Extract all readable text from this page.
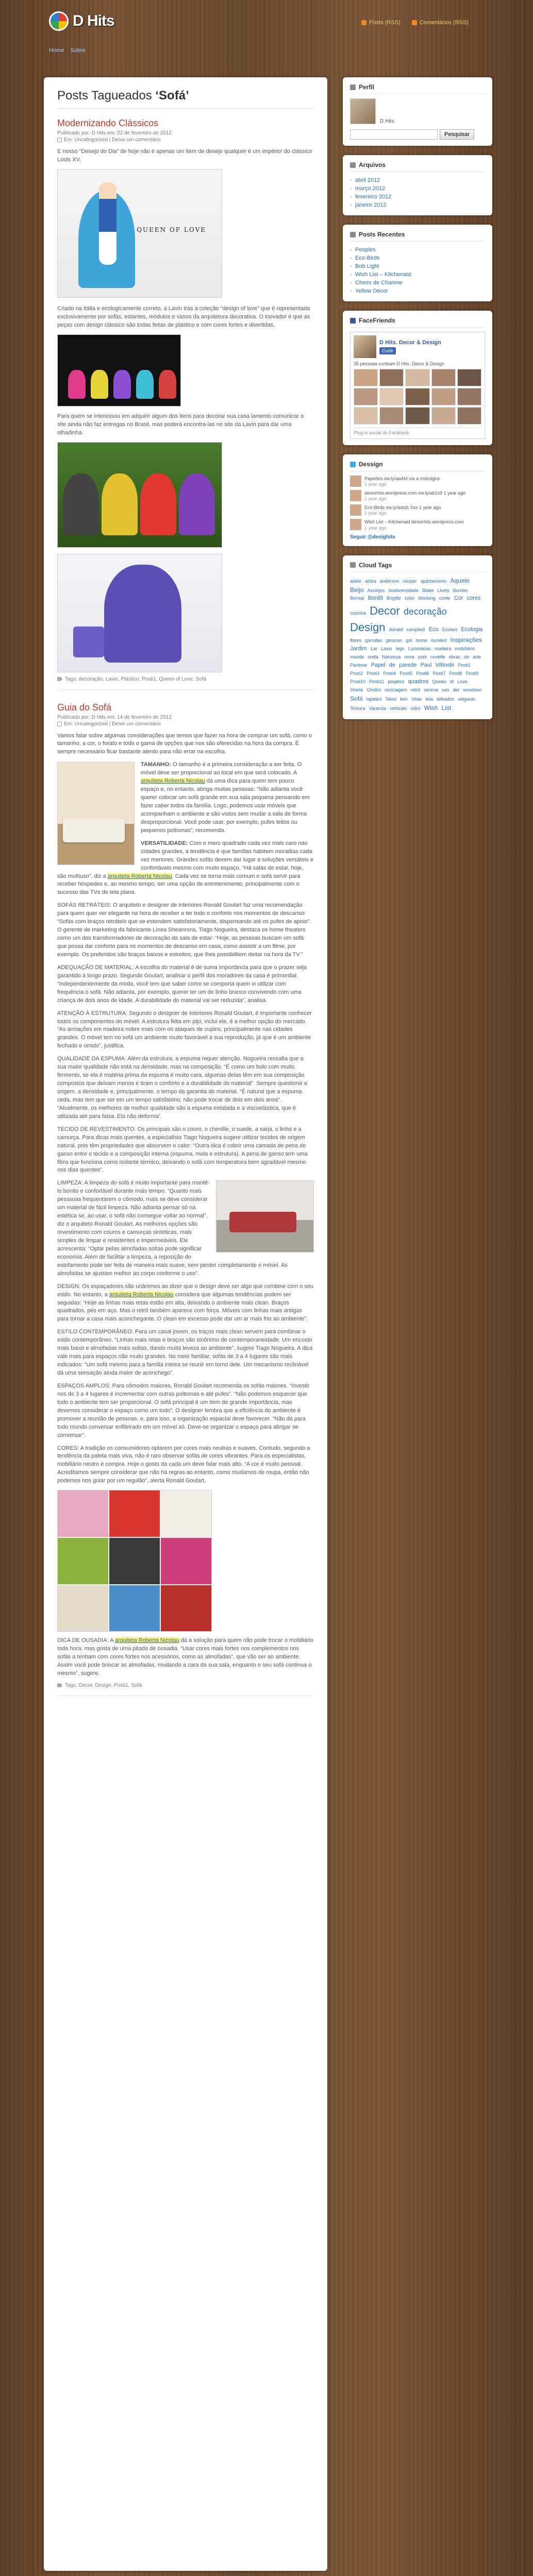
D Hits	Posts (RSS)	Comentários (RSS)
Home Sobre
Posts Tagueados ‘Sofá’
Modernizando Clássicos
Publicado por: D Hits em: 22 de fevereiro de 2012
Em: Uncategorized | Deixe um comentário

E nosso “Desejo do Dia” de hoje não é apenas um item de desejo qualquer é um império! do clássico Louis XV.

QUEEN OF LOVE

Criado na Itália e ecologicamente correto, a Lavin trás a coleção “design of love” que é representada exclusivamente por sofás, estantes, módulos e vasos da arquitetura decorativa. O inovador é que as peças com design clássico são todas feitas de plástico e com cores fortes e divertidas.

Para quem se interessou em adquirir algum dos itens para decorar sua casa lamento comunicar o site ainda não faz entregas no Brasil, mas poderá encontra-las no site da Lavin para dar uma olhadinha.

Tags: decoração, Lavin, Plástico, Posti1, Queen of Love, Sofá
Guia do Sofá
Publicado por: D Hits em: 14 de fevereiro de 2012
Em: Uncategorized | Deixe um comentário

Vamos falar sobre algumas considerações que temos que fazer na hora de comprar um sofá, como o tamanho, a cor, o forato e todo o gama de opções que nos são oferecidas na hora da compra. É sempre necessário ficar bastante atento para não errar na escolha.

TAMANHO: O tamanho é a primeira consideração a ser feita. O móvel deve ser proporcional ao local em que será colocado. A arquiteta Roberta Nicolau dá uma dica para quem tem pouco espaço e, no entanto, abriga muitas pessoas: “Não adianta você querer colocar um sofá grande em sua sala pequena pensando em fazer caber todos da família. Logo, podemos usar móveis que acompanham o ambiente e são vistos sem mudar a sala de forma desproporcional. Você pode usar, por exemplo, pufes leitos ou pequenos poltronas”, recomenda.

VERSATILIDADE: Com o mero quadrado cada vez mais caro nas cidades grandes, a tendência é que famílias habitem moradias cada vez menores. Grandes sofás devem dar lugar a soluções versáteis e confortáveis mesmo com muito espaço. “Há salas de estar, hoje, são multiuso”, diz a arquiteta Roberta Nicolau. Cada vez se torna mais comum o sofá servir para receber hóspedes e, ao mesmo tempo, ser uma opção de entretenimento, principalmente com o sucesso das TVs de tela plana.

SOFÁS RETRÁTEIS: O arquiteto e designer de interiores Ronald Goulart faz uma recomendação para quem quer ver elegante na hora de receber e ter todo o conforto nos momentos de descanso: “Sofás com braços retráteis que se estendem satisfatoriamente, dispensando até os pufes de apoio”. O gerente de marketing da fabricante Linea Sheanrons, Tiago Nogueira, destaca os home theaters como um dos transformadores de decoração da sala de estar: “Hoje, as pessoas buscam um sofá que possa dar conforto para os momentos de descanso em casa, como assistir a um filme, por exemplo. Os preferidos são braços baixos e estreitos, que lhes possibilitem deitar na hora da TV.”

ADEQUAÇÃO DE MATERIAL: A escolha do material é de suma importância para que o prazer seja garantido à longo prazo. Segundo Goulart, analisar o perfil dos moradores da casa é primordial. “Independentemente da moda, você tem que saber como se comporta quem vi utilizar com frequência o sofá. Não adianta, por exemplo, querer ter um de linho branco convivendo com uma criança de dois anos de idade. A durabilidade do material vai ser reduzida”, analisa.

ATENÇÃO À ESTRUTURA: Segundo o designer de interiores Ronald Goulart, é importante conhecer todos os componentes do móvel. A estrutura feita em pijo, inclui ele, é a melhor opção do mercado. “As armações em madeira nobre mais com os ataques de cupins, principalmente nas cidades grandes. O móvel tem no sofá um ambiente muito favorável à sua reprodução, já que é um ambiente fechado e úmido”, justifica.

QUALIDADE DA ESPUMA: Além da estrutura, a espuma requer atenção. Nogueira ressalta que a sua maior qualidade não está na densidade, mas na composição. “É como um bolo com muito fermento, se ela é matéria-prima da espuma é muito cara, algumas delas têm em sua composição compostos que deixam menos e tiram o conforto e a durabilidade do material”. Sempre questione a origem, a densidade e, principalmente, o tempo da garantia do material. “É natural que a espuma ceda, mas tem que ser em um tempo satisfatório, não pode trocar de dois em dois anos”. “Atualmente, os melhores de melhor qualidade são a espuma estatada e a viscoelástica, que é utilizada até para faixa. Ela não deforma”.

TECIDO DE REVESTIMENTO: Os principais são o couro, o chenille, o suede, a sarja, o linho e a camurça. Para dicas mais quentes, a especialista Tiago Nogueira sugere utilizar tecidos de origem natural, pois têm propriedades que absorvem o calor: “Outra dica é cobrir uma camada de pena de ganso entre o tecido e a composição interna (espuma, mola e estrutura). A pena de ganso tem uma fibra que funciona como isolante térmico, deixando o sofá com temperatura bem agradável mesmo nos dias quentes”.

LIMPEZA: A limpeza do sofá é muito importante para mantê-lo bonito e confortável durante mais tempo. “Quanto mais pesssoas frequentarem o cômodo, mais se deve considerar um material de fácil limpeza. Não adianta pensar só na estética se, ao usar, o sofá não consegue voltar ao normal”, diz o arquiteto Ronald Goulart. As melhores opções são revestimento com couros e camurças sintéticas, mais simples de limpar e resistentes e impermeáveis. Ele acrescenta: “Optar pelas almofadas soltas pode significar economia. Além de facilitar a limpeza, a reposição do estofamento pode ser feita de maneira mais suave, sem perder completamente o móvel. As almofadas se ajustam melhor ao corpo conforme o uso”.

DESIGN: Os espaçadores são unânimes ao dizer que o design deve ser algo que combine com o seu estilo. No entanto, a arquiteta Roberta Nicolau considera que algumas tendências podem ser seguidas: “Hoje as linhas mais retas estão em alta, deixando o ambiente mais clean. Braços quadrados, pés em aço. Mas o retrô também aparece com força. Móveis com linhas mais antigas para tornar a casa mais aconchegante. O clean em excesso pode dar um ar mais frio ao ambiente”.

ESTILO CONTEMPORÂNEO: Para um casal jovem, os traços mais clean servem para combinar o estilo contemporâneo. “Linhas mais retas e braços são sinônimo de contemporaneidade. Um encosto mais baixo e almofadas mais soltas, dando muita leveza ao ambiente”, sugere Tiago Nogueira. A dica vale mais para espaços não muito grandes. No meio familiar, sofás de 3 a 4 lugares são mais indicados: “Um sofá mesmo para a família inteira se reunir em torno dele. Um mecanismo reclinável dá uma sensação ainda maior de aconchego”.

ESPAÇOS AMPLOS: Para cômodos maiores, Ronald Goulart recomenda os sofás maiores. “Investir nos de 3 a 4 lugares é incrementar com outras poltronas e até pufes”. “Não podemos esquecer que todo o ambiente tem ser proporcional. O sofá principal é um item de grande importância, mas devemos considerar o espaço como um todo”. O designer lembra que a eficiência do ambiente é promover a reunião de pessoas, e, para isso, a organização espacial deve favorecer. “Não dá para tudo mundo conversar enfileirado em um móvel só. Deve-se organizar o espaço para abrigar se conversar”.

CORES: A tradição os consumidores optarem por cores mais neutras e suaves. Contudo, segundo a tendência da paleta mais viva, não é raro observar sofás de cores vibrantes. Para os especialistas, mobiliário neutro é compra. Hoje o gosto da cada um deve falar mais alto. “A cor é muito pessoal. Acreditamos sempre considerar que não há regras ao entanto, como mudamos de roupa, então não podemos nos guiar por um regulão”, alerta Ronald Goulart.

DICA DE OUSADIA: A arquiteta Roberta Nicolau dá a solução para quem não pode trocar o mobiliário toda hora, mas gosta de uma pitada de ousadia. “Usar cores mais fortes nos complementos nos sofás a tenham com cores fortes nos acessórios, como as almofadas”, que vão ser ao ambiente. Assim você pode brincar as almofadas, mudando a cara da sua sala, enquanto o seu sofá continua o mesmo”, sugere.

Tags: Decor, Design, Posti1, Sofá
Perfil
D Hits
Pesquisar
Arquivos
› abril 2012
› março 2012
› fevereiro 2012
› janeiro 2012
Posts Recentes
› Peoples
› Eco-Birds
› Bob Light
› Wish List – Kitchenaid
› Chees de Chanme
› Yellow Decor
FaceFriends
D Hits. Decor & Design
Curtir
35 pessoas curtiram D Hits. Decor & Design
Plug-in social do Facebook
Dessign
Papeões ow.ly/aaAhl via a mdesigns
1 year ago
dessirhits.wordpress.com ow.ly/ab1s9 1 year ago
1 year ago
Eco-Birds ow.ly/aatsb Ssx 1 year ago
1 year ago
Wish List – Kitchenaid dessirhits.wordpress.com
1 year ago
Seguir @desighits
Cloud Tags
adele alzira anderson cooper apartamento Aquele Beijo Azulejos biodiversidade Blake Lively Bumbo Bonsai Bordô Brigitte color blocking conte Cor cores cozinha Decor decoração Design donald campbell Eco Ecolani Ecologia flores garrafas gessner gol home ilumiled Inspirações Jardim Lar Lavin lego Luminárias madeira mobiliário mundo onda Natureza nova york novelle obras de arte Pantone Papel de parede Paul Villinski Posti1 Posti2 Posti3 Posti4 Posti5 Posti6 Posti7 Posti8 Posti9 Posti10 Posti11 projetos quadros Queen of Love Sheila Ghidini reciclagem retrô serena van der woodsen Sofá tapetes Tatoo ken Vitae tela telhados velgaras Textura Varanda verticais vidro Wish List
